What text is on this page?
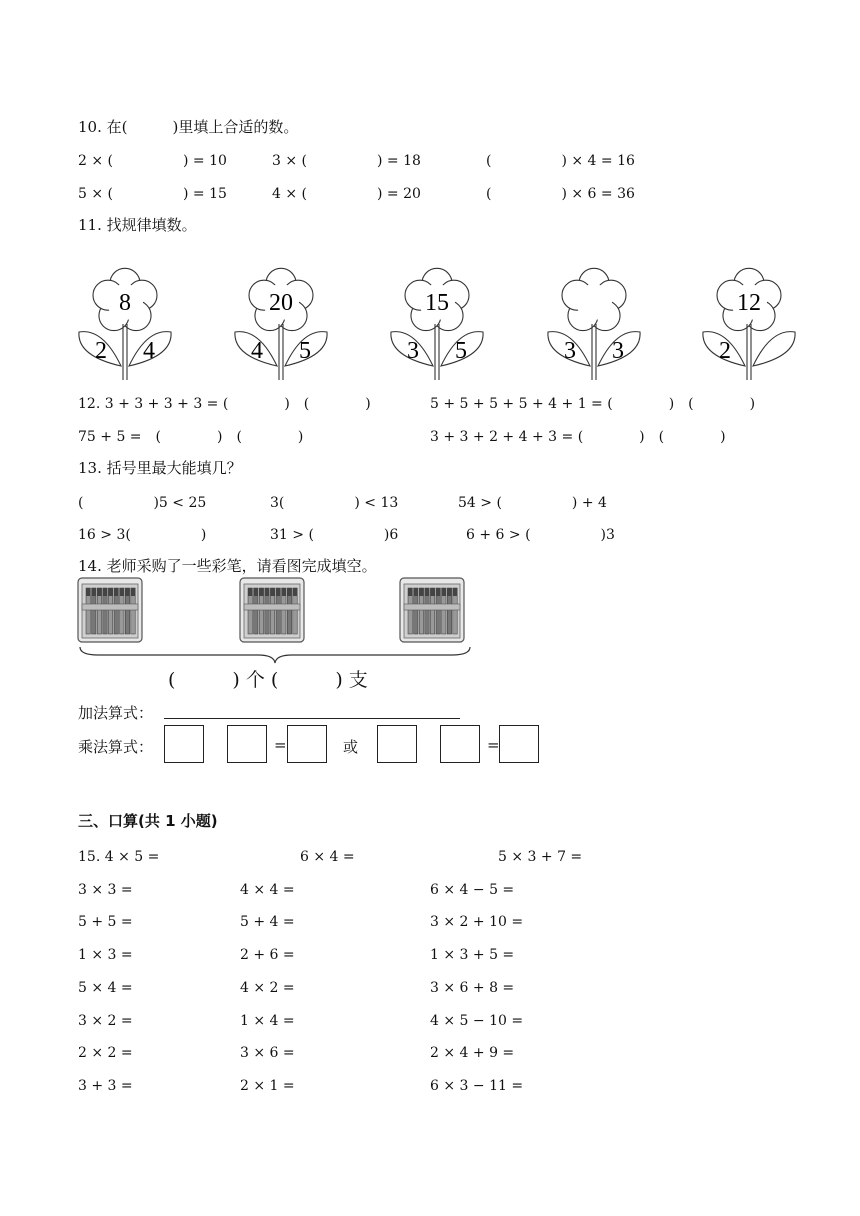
10. 在(　　　)里填上合适的数。
2 × (　　　　　) = 10	3 × (　　　　　) = 18	(　　　　　) × 4 = 16
5 × (　　　　　) = 15	4 × (　　　　　) = 20	(　　　　　) × 6 = 36
11. 找规律填数。
8
2 4
20
4 5
15
3 5	3 3
12
2
12. 3 + 3 + 3 + 3 = (　　　　)　(　　　　)	5 + 5 + 5 + 5 + 4 + 1 = (　　　　)　(　　　　)
75 + 5 =　(　　　　)　(　　　　)	3 + 3 + 2 + 4 + 3 = (　　　　)　(　　　　)
13. 括号里最大能填几？
(　　　　　)5 < 25	3(　　　　　) < 13	54 > (　　　　　) + 4
16 > 3(　　　　　)	31 > (　　　　　)6	6 + 6 > (　　　　　)3
14. 老师采购了一些彩笔，请看图完成填空。
(　　　) 个 (　　　) 支
加法算式：
乘法算式：	=	或	=
三、口算(共 1 小题)
15. 4 × 5 =	6 × 4 =	5 × 3 + 7 =
3 × 3 =	4 × 4 =	6 × 4 − 5 =
5 + 5 =	5 + 4 =	3 × 2 + 10 =
1 × 3 =	2 + 6 =	1 × 3 + 5 =
5 × 4 =	4 × 2 =	3 × 6 + 8 =
3 × 2 =	1 × 4 =	4 × 5 − 10 =
2 × 2 =	3 × 6 =	2 × 4 + 9 =
3 + 3 =	2 × 1 =	6 × 3 − 11 =
